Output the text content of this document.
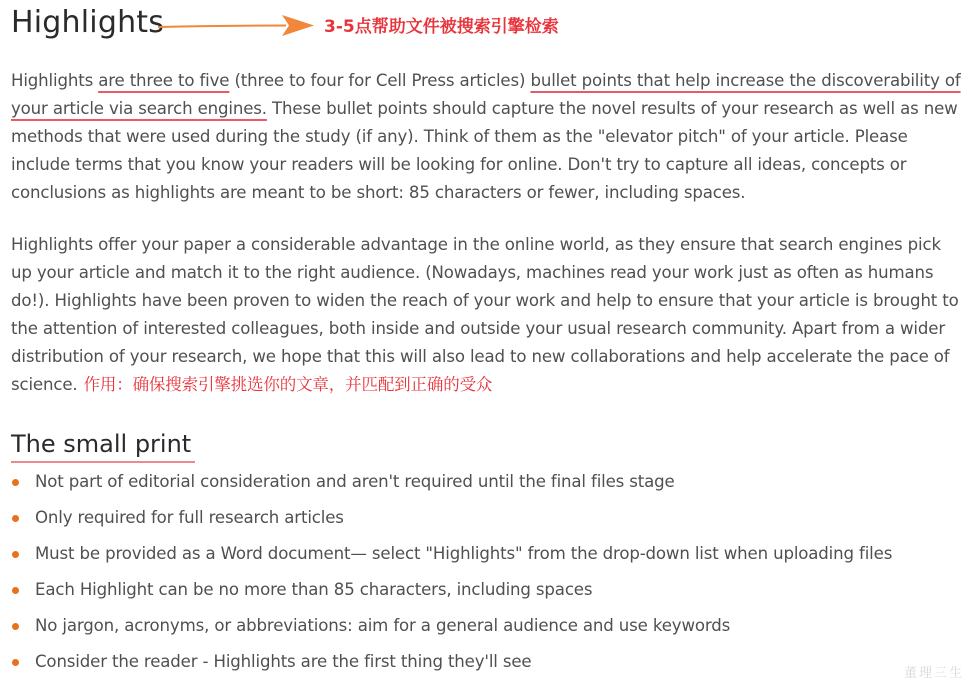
Highlights	3-5点帮助文件被搜索引擎检索

Highlights are three to five (three to four for Cell Press articles) bullet points that help increase the discoverability of your article via search engines. These bullet points should capture the novel results of your research as well as new methods that were used during the study (if any). Think of them as the "elevator pitch" of your article. Please include terms that you know your readers will be looking for online. Don't try to capture all ideas, concepts or conclusions as highlights are meant to be short: 85 characters or fewer, including spaces.

Highlights offer your paper a considerable advantage in the online world, as they ensure that search engines pick up your article and match it to the right audience. (Nowadays, machines read your work just as often as humans do!). Highlights have been proven to widen the reach of your work and help to ensure that your article is brought to the attention of interested colleagues, both inside and outside your usual research community. Apart from a wider distribution of your research, we hope that this will also lead to new collaborations and help accelerate the pace of science. 作用：确保搜索引擎挑选你的文章，并匹配到正确的受众

The small print
Not part of editorial consideration and aren't required until the final files stage
Only required for full research articles
Must be provided as a Word document— select "Highlights" from the drop-down list when uploading files
Each Highlight can be no more than 85 characters, including spaces
No jargon, acronyms, or abbreviations: aim for a general audience and use keywords
Consider the reader - Highlights are the first thing they'll see
董理三生
